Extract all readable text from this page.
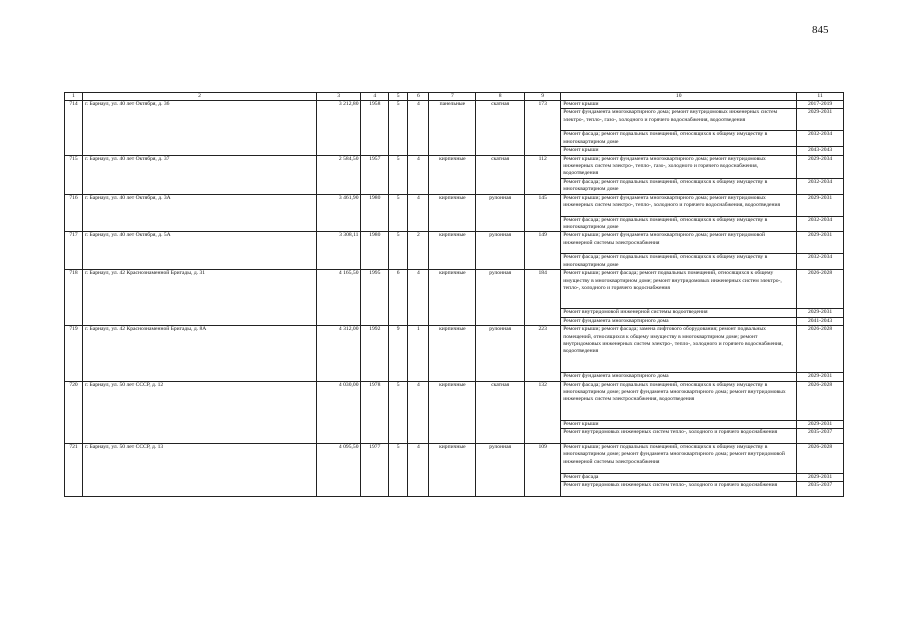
845
1	2	3	4	5	6	7	8	9	10	11
714	г. Барнаул, ул. 40 лет Октября, д. 36	3 212,80	1958	5	4	панельные	скатная	173	Ремонт крыши	2017-2019
									Ремонт фундамента многоквартирного дома; ремонт внутридомовых инженерных систем электро-, тепло-, газо-, холодного и горячего водоснабжения, водоотведения	2029-2031
									Ремонт фасада; ремонт подвальных помещений, относящихся к общему имуществу в многоквартирном доме	2032-2034
									Ремонт крыши	2043-2043
715	г. Барнаул, ул. 40 лет Октября, д. 37	2 584,50	1957	5	4	кирпичные	скатная	112	Ремонт крыши; ремонт фундамента многоквартирного дома; ремонт внутридомовых инженерных систем электро-, тепло-, газо-, холодного и горячего водоснабжения, водоотведения	2029-2034
									Ремонт фасада; ремонт подвальных помещений, относящихся к общему имуществу в многоквартирном доме	2032-2034
716	г. Барнаул, ул. 40 лет Октября, д. 3А	3 461,90	1980	5	4	кирпичные	рулонная	145	Ремонт крыши; ремонт фундамента многоквартирного дома; ремонт внутридомовых инженерных систем электро-, тепло-, холодного и горячего водоснабжения, водоотведения	2029-2031
									Ремонт фасада; ремонт подвальных помещений, относящихся к общему имуществу в многоквартирном доме	2032-2034
717	г. Барнаул, ул. 40 лет Октября, д. 5А	3 308,11	1980	5	2	кирпичные	рулонная	149	Ремонт крыши; ремонт фундамента многоквартирного дома; ремонт внутридомовой инженерной системы электроснабжения	2029-2031
									Ремонт фасада; ремонт подвальных помещений, относящихся к общему имуществу в многоквартирном доме	2032-2034
718	г. Барнаул, ул. 42 Краснознаменной Бригады, д. 31	4 165,50	1995	6	4	кирпичные	рулонная	184	Ремонт крыши; ремонт фасада; ремонт подвальных помещений, относящихся к общему имуществу в многоквартирном доме; ремонт внутридомовых инженерных систем электро-, тепло-, холодного и горячего водоснабжения	2026-2028
									Ремонт внутридомовой инженерной системы водоотведения	2029-2031
									Ремонт фундамента многоквартирного дома	2041-2043
719	г. Барнаул, ул. 42 Краснознаменной Бригады, д. 8А	4 312,00	1992	9	1	кирпичные	рулонная	223	Ремонт крыши; ремонт фасада; замена лифтового оборудования; ремонт подвальных помещений, относящихся к общему имуществу в многоквартирном доме; ремонт внутридомовых инженерных систем электро-, тепло-, холодного и горячего водоснабжения, водоотведения	2026-2028
									Ремонт фундамента многоквартирного дома	2029-2031
720	г. Барнаул, ул. 50 лет СССР, д. 12	4 030,00	1978	5	4	кирпичные	скатная	132	Ремонт фасада; ремонт подвальных помещений, относящихся к общему имуществу в многоквартирном доме; ремонт фундамента многоквартирного дома; ремонт внутридомовых инженерных систем электроснабжения, водоотведения	2026-2028
									Ремонт крыши	2029-2031
									Ремонт внутридомовых инженерных систем тепло-, холодного и горячего водоснабжения	2035-2037
721	г. Барнаул, ул. 50 лет СССР, д. 13	4 095,50	1977	5	4	кирпичные	рулонная	109	Ремонт крыши; ремонт подвальных помещений, относящихся к общему имуществу в многоквартирном доме; ремонт фундамента многоквартирного дома; ремонт внутридомовой инженерной системы электроснабжения	2026-2028
									Ремонт фасада	2029-2031
									Ремонт внутридомовых инженерных систем тепло-, холодного и горячего водоснабжения	2035-2037
